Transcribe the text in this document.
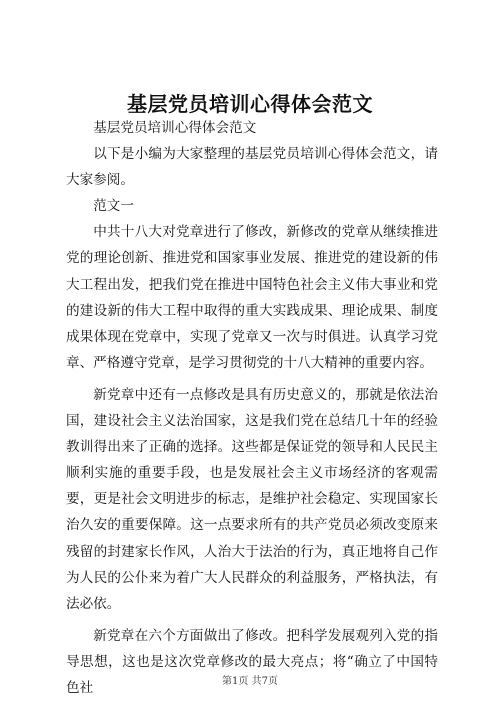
基层党员培训心得体会范文

基层党员培训心得体会范文

以下是小编为大家整理的基层党员培训心得体会范文，请大家参阅。

范文一

中共十八大对党章进行了修改，新修改的党章从继续推进党的理论创新、推进党和国家事业发展、推进党的建设新的伟大工程出发，把我们党在推进中国特色社会主义伟大事业和党的建设新的伟大工程中取得的重大实践成果、理论成果、制度成果体现在党章中，实现了党章又一次与时俱进。认真学习党章、严格遵守党章，是学习贯彻党的十八大精神的重要内容。

新党章中还有一点修改是具有历史意义的，那就是依法治国，建设社会主义法治国家，这是我们党在总结几十年的经验教训得出来了正确的选择。这些都是保证党的领导和人民民主顺利实施的重要手段，也是发展社会主义市场经济的客观需要，更是社会文明进步的标志，是维护社会稳定、实现国家长治久安的重要保障。这一点要求所有的共产党员必须改变原来残留的封建家长作风，人治大于法治的行为，真正地将自己作为人民的公仆来为着广大人民群众的利益服务，严格执法，有法必依。

新党章在六个方面做出了修改。把科学发展观列入党的指导思想，这也是这次党章修改的最大亮点；将“确立了中国特色社	第1页 共7页
